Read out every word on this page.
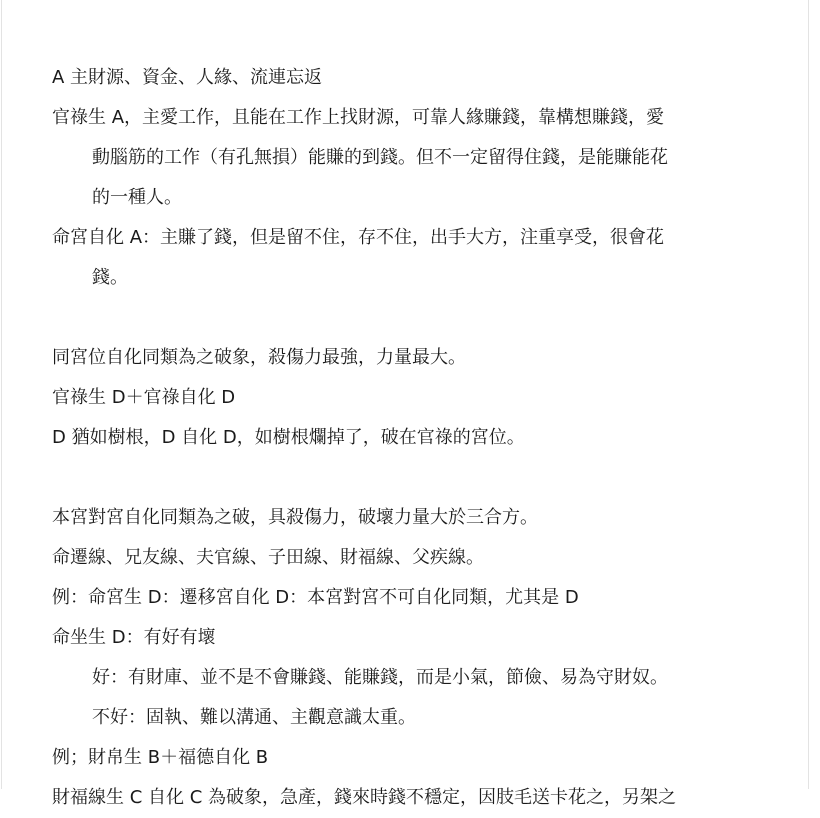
A 主財源、資金、人緣、流連忘返
官祿生 A，主愛工作，且能在工作上找財源，可靠人緣賺錢，靠構想賺錢，愛
動腦筋的工作（有孔無損）能賺的到錢。但不一定留得住錢，是能賺能花
的一種人。
命宮自化 A：主賺了錢，但是留不住，存不住，出手大方，注重享受，很會花
錢。
同宮位自化同類為之破象，殺傷力最強，力量最大。
官祿生 D＋官祿自化 D
D 猶如樹根，D 自化 D，如樹根爛掉了，破在官祿的宮位。
本宮對宮自化同類為之破，具殺傷力，破壞力量大於三合方。
命遷線、兄友線、夫官線、子田線、財福線、父疾線。
例：命宮生 D：遷移宮自化 D：本宮對宮不可自化同類，尤其是 D
命坐生 D：有好有壞
好：有財庫、並不是不會賺錢、能賺錢，而是小氣，節儉、易為守財奴。
不好：固執、難以溝通、主觀意識太重。
例；財帛生 B＋福德自化 B
財福線生 C 自化 C 為破象，急產，錢來時錢不穩定，因肢毛送卡花之，另架之
